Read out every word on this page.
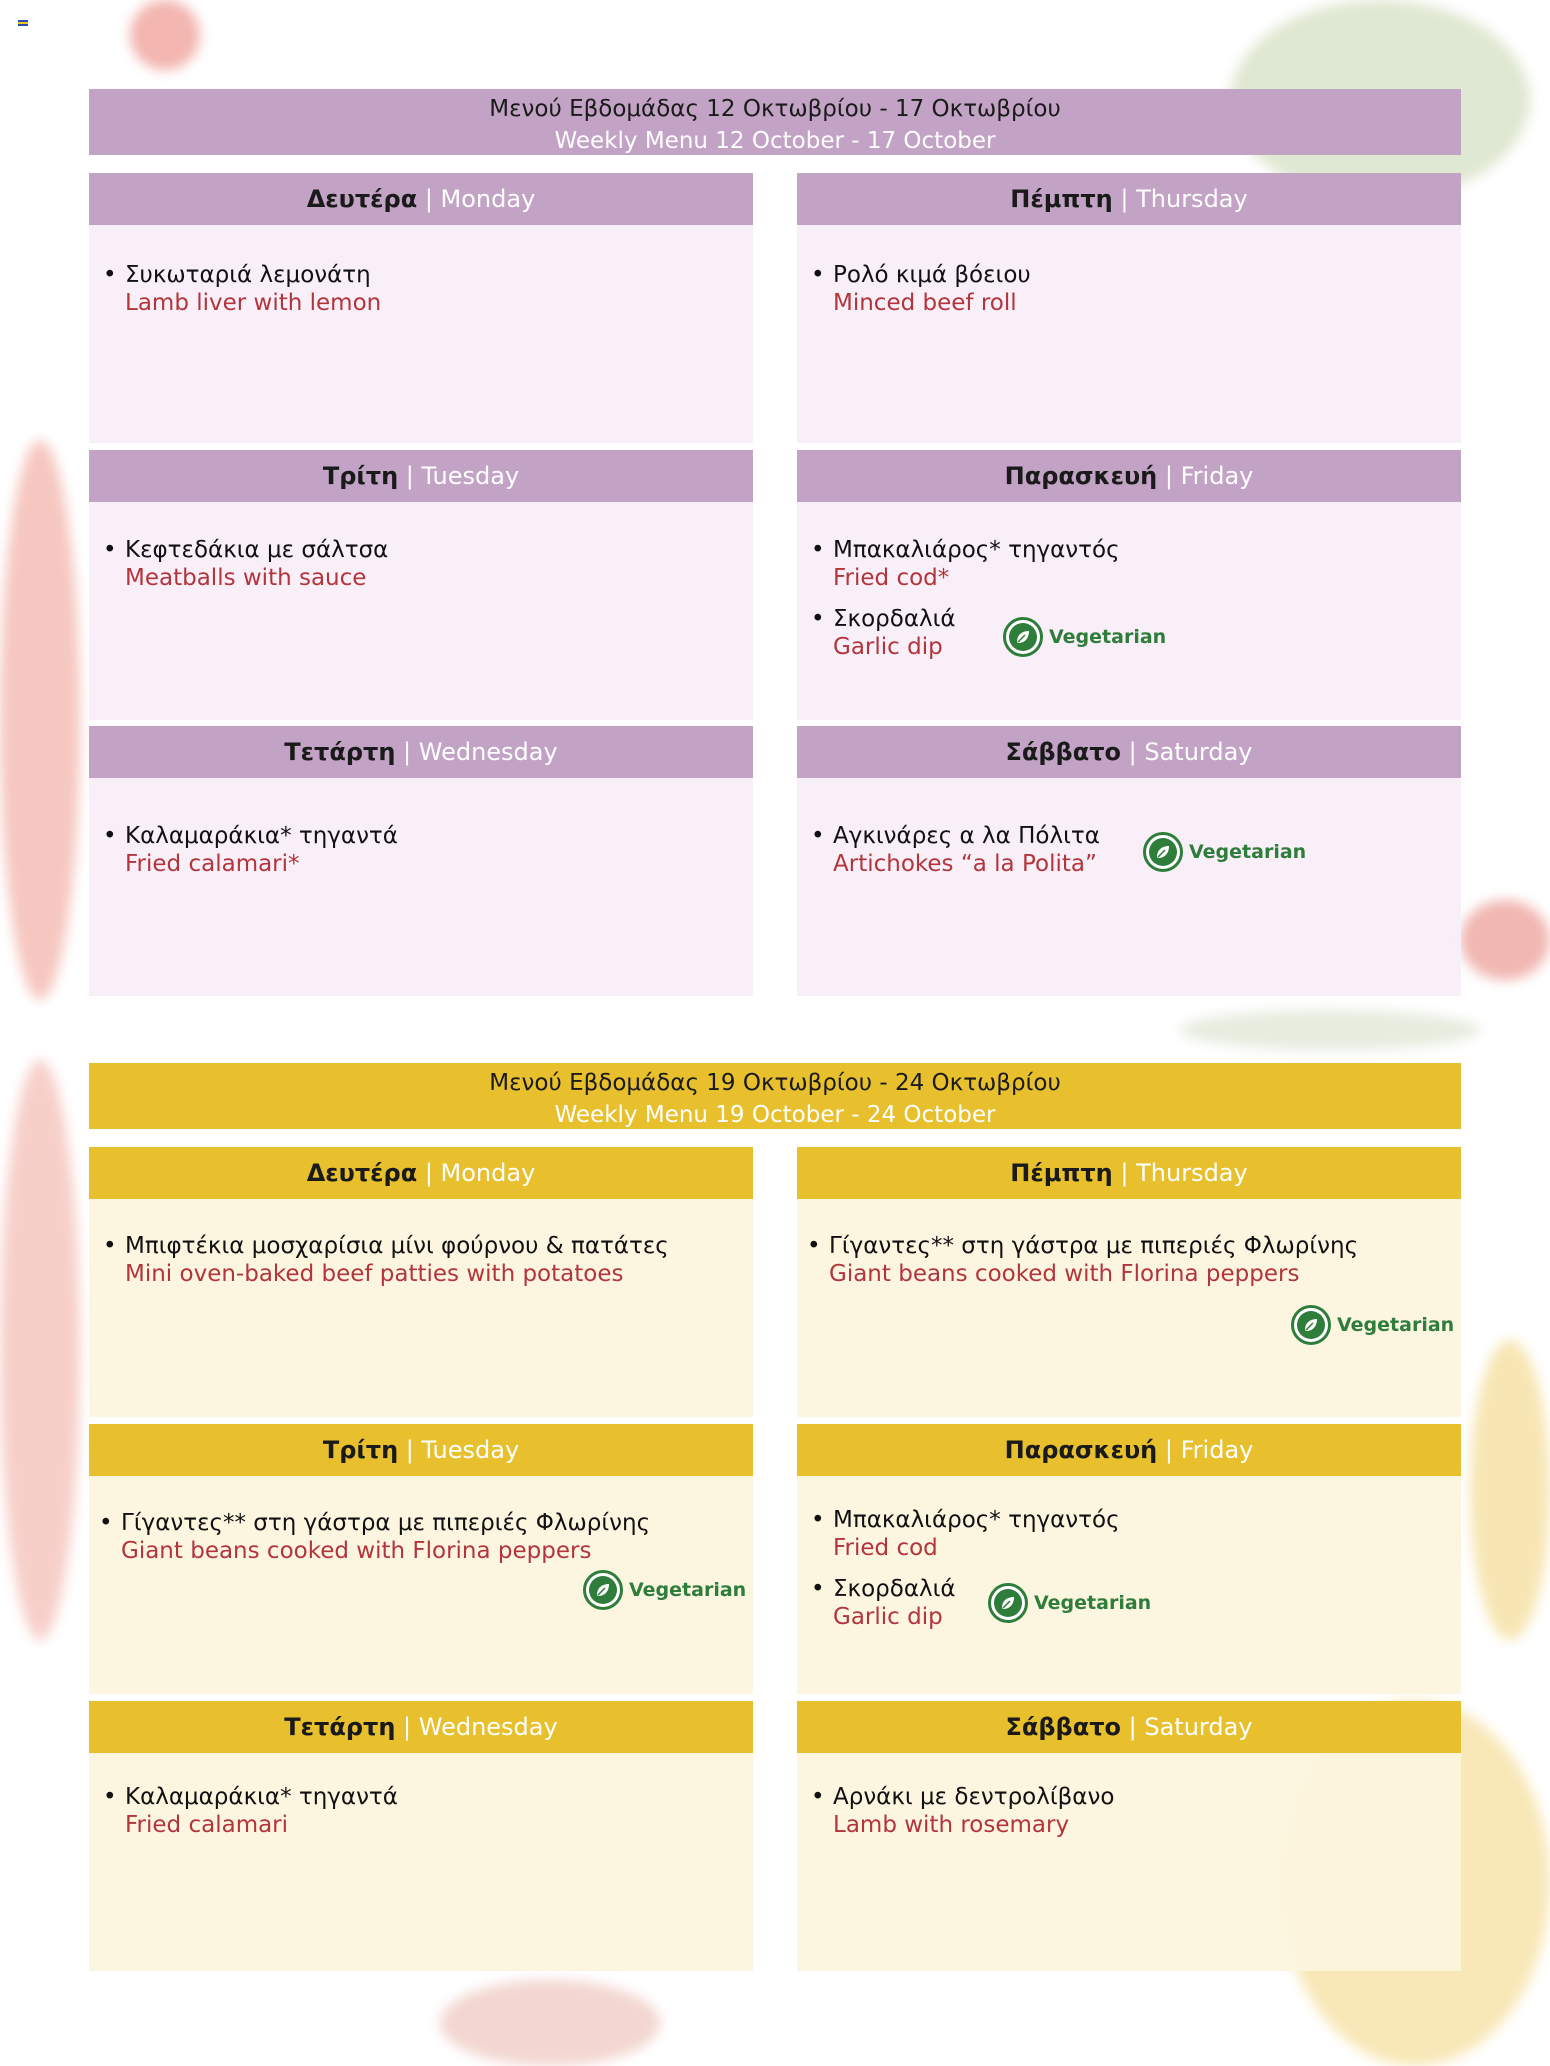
Μενού Εβδομάδας 12 Οκτωβρίου - 17 Οκτωβρίου
Weekly Menu 12 October - 17 October
Δευτέρα | Monday
• Συκωταριά λεμονάτη
Lamb liver with lemon
Πέμπτη | Thursday
• Ρολό κιμά βόειου
Minced beef roll
Τρίτη | Tuesday
• Κεφτεδάκια με σάλτσα
Meatballs with sauce
Παρασκευή | Friday
• Μπακαλιάρος* τηγαντός
Fried cod*
• Σκορδαλιά
Garlic dip	Vegetarian
Τετάρτη | Wednesday
• Καλαμαράκια* τηγαντά
Fried calamari*
Σάββατο | Saturday
• Αγκινάρες α λα Πόλιτα
Artichokes “a la Polita”	Vegetarian
Μενού Εβδομάδας 19 Οκτωβρίου - 24 Οκτωβρίου
Weekly Menu 19 October - 24 October
Δευτέρα | Monday
• Μπιφτέκια μοσχαρίσια μίνι φούρνου & πατάτες
Mini oven-baked beef patties with potatoes
Πέμπτη | Thursday
• Γίγαντες** στη γάστρα με πιπεριές Φλωρίνης
Giant beans cooked with Florina peppers
Vegetarian
Τρίτη | Tuesday
• Γίγαντες** στη γάστρα με πιπεριές Φλωρίνης
Giant beans cooked with Florina peppers
Vegetarian
Παρασκευή | Friday
• Μπακαλιάρος* τηγαντός
Fried cod
• Σκορδαλιά
Garlic dip
Vegetarian
Τετάρτη | Wednesday
• Καλαμαράκια* τηγαντά
Fried calamari
Σάββατο | Saturday
• Αρνάκι με δεντρολίβανο
Lamb with rosemary
